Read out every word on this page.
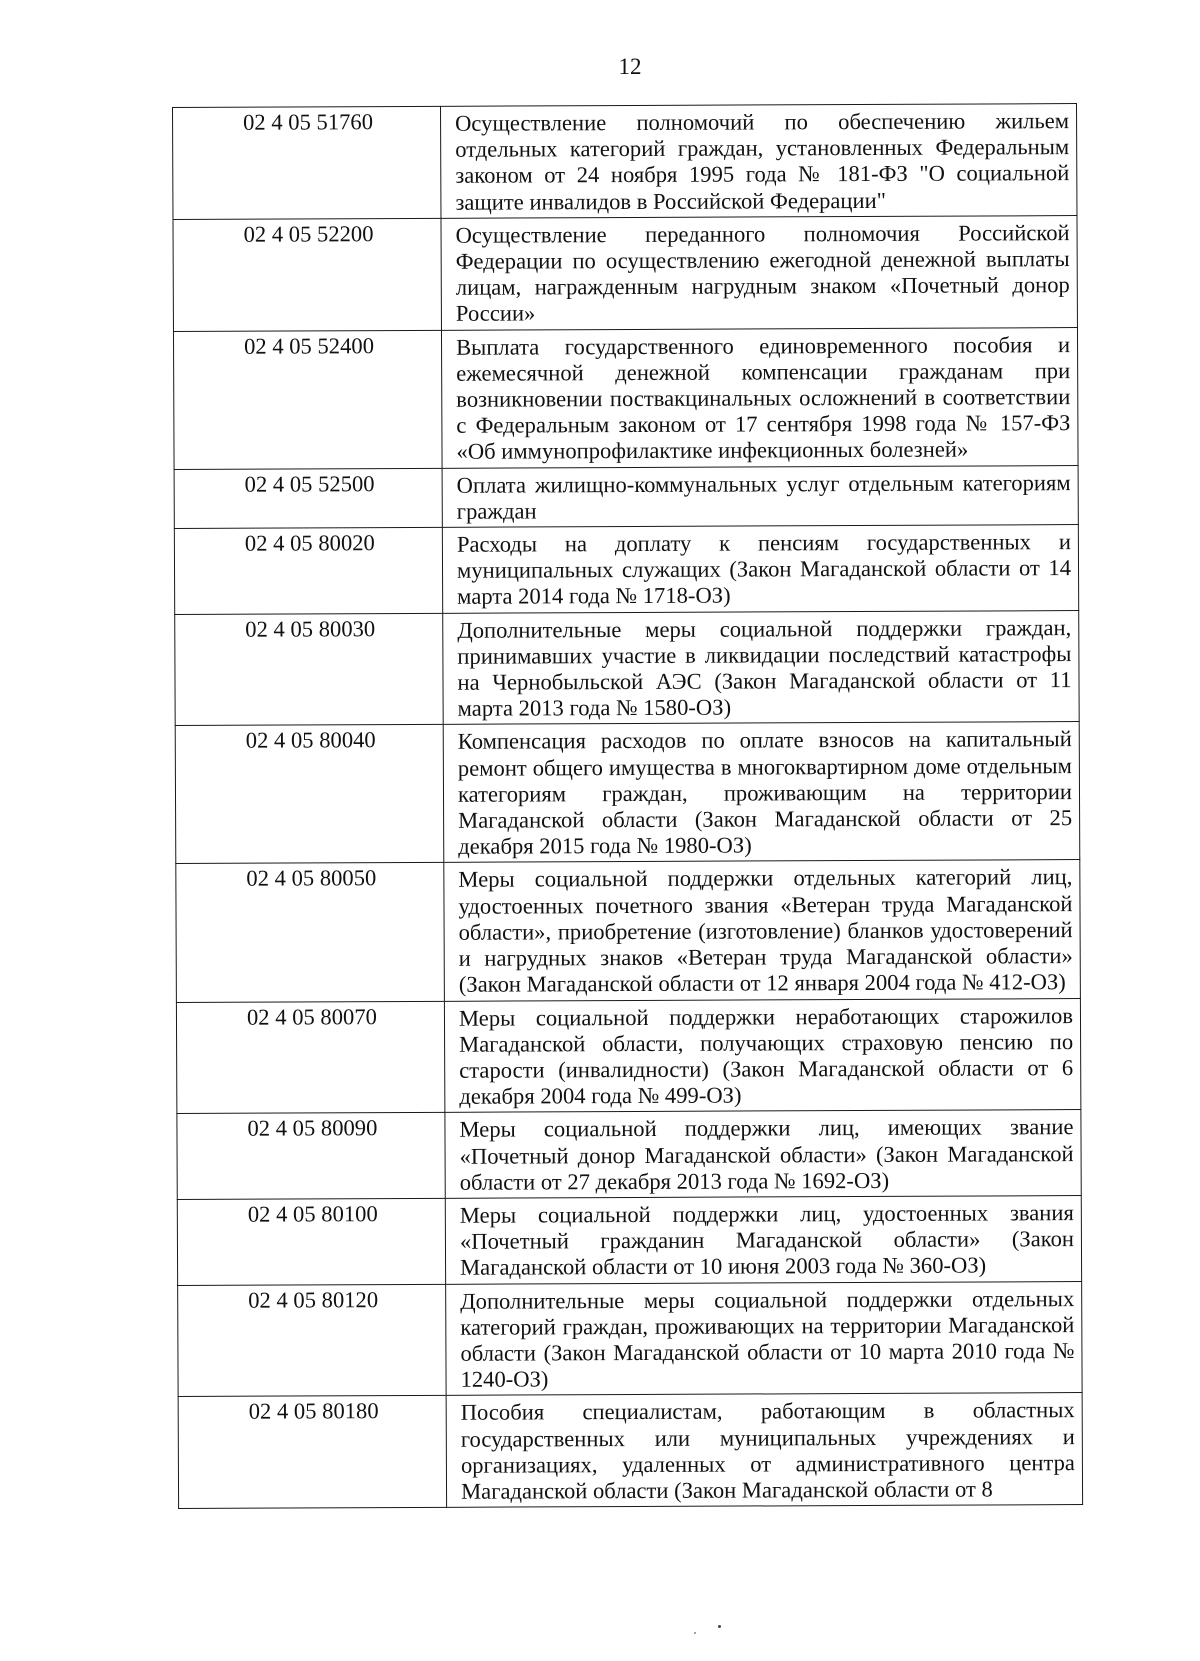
12
02 4 05 51760	Осуществление полномочий по обеспечению жильем отдельных категорий граждан, установленных Федеральным законом от 24 ноября 1995 года № 181-ФЗ "О социальной защите инвалидов в Российской Федерации"
02 4 05 52200	Осуществление переданного полномочия Российской Федерации по осуществлению ежегодной денежной выплаты лицам, награжденным нагрудным знаком «Почетный донор России»
02 4 05 52400	Выплата государственного единовременного пособия и ежемесячной денежной компенсации гражданам при возникновении поствакцинальных осложнений в соответствии с Федеральным законом от 17 сентября 1998 года № 157-ФЗ «Об иммунопрофилактике инфекционных болезней»
02 4 05 52500	Оплата жилищно-коммунальных услуг отдельным категориям граждан
02 4 05 80020	Расходы на доплату к пенсиям государственных и муниципальных служащих (Закон Магаданской области от 14 марта 2014 года № 1718-ОЗ)
02 4 05 80030	Дополнительные меры социальной поддержки граждан, принимавших участие в ликвидации последствий катастрофы на Чернобыльской АЭС (Закон Магаданской области от 11 марта 2013 года № 1580-ОЗ)
02 4 05 80040	Компенсация расходов по оплате взносов на капитальный ремонт общего имущества в многоквартирном доме отдельным категориям граждан, проживающим на территории Магаданской области (Закон Магаданской области от 25 декабря 2015 года № 1980-ОЗ)
02 4 05 80050	Меры социальной поддержки отдельных категорий лиц, удостоенных почетного звания «Ветеран труда Магаданской области», приобретение (изготовление) бланков удостоверений и нагрудных знаков «Ветеран труда Магаданской области» (Закон Магаданской области от 12 января 2004 года № 412-ОЗ)
02 4 05 80070	Меры социальной поддержки неработающих старожилов Магаданской области, получающих страховую пенсию по старости (инвалидности) (Закон Магаданской области от 6 декабря 2004 года № 499-ОЗ)
02 4 05 80090	Меры социальной поддержки лиц, имеющих звание «Почетный донор Магаданской области» (Закон Магаданской области от 27 декабря 2013 года № 1692-ОЗ)
02 4 05 80100	Меры социальной поддержки лиц, удостоенных звания «Почетный гражданин Магаданской области» (Закон Магаданской области от 10 июня 2003 года № 360-ОЗ)
02 4 05 80120	Дополнительные меры социальной поддержки отдельных категорий граждан, проживающих на территории Магаданской области (Закон Магаданской области от 10 марта 2010 года № 1240-ОЗ)
02 4 05 80180	Пособия специалистам, работающим в областных государственных или муниципальных учреждениях и организациях, удаленных от административного центра Магаданской области (Закон Магаданской области от 8
